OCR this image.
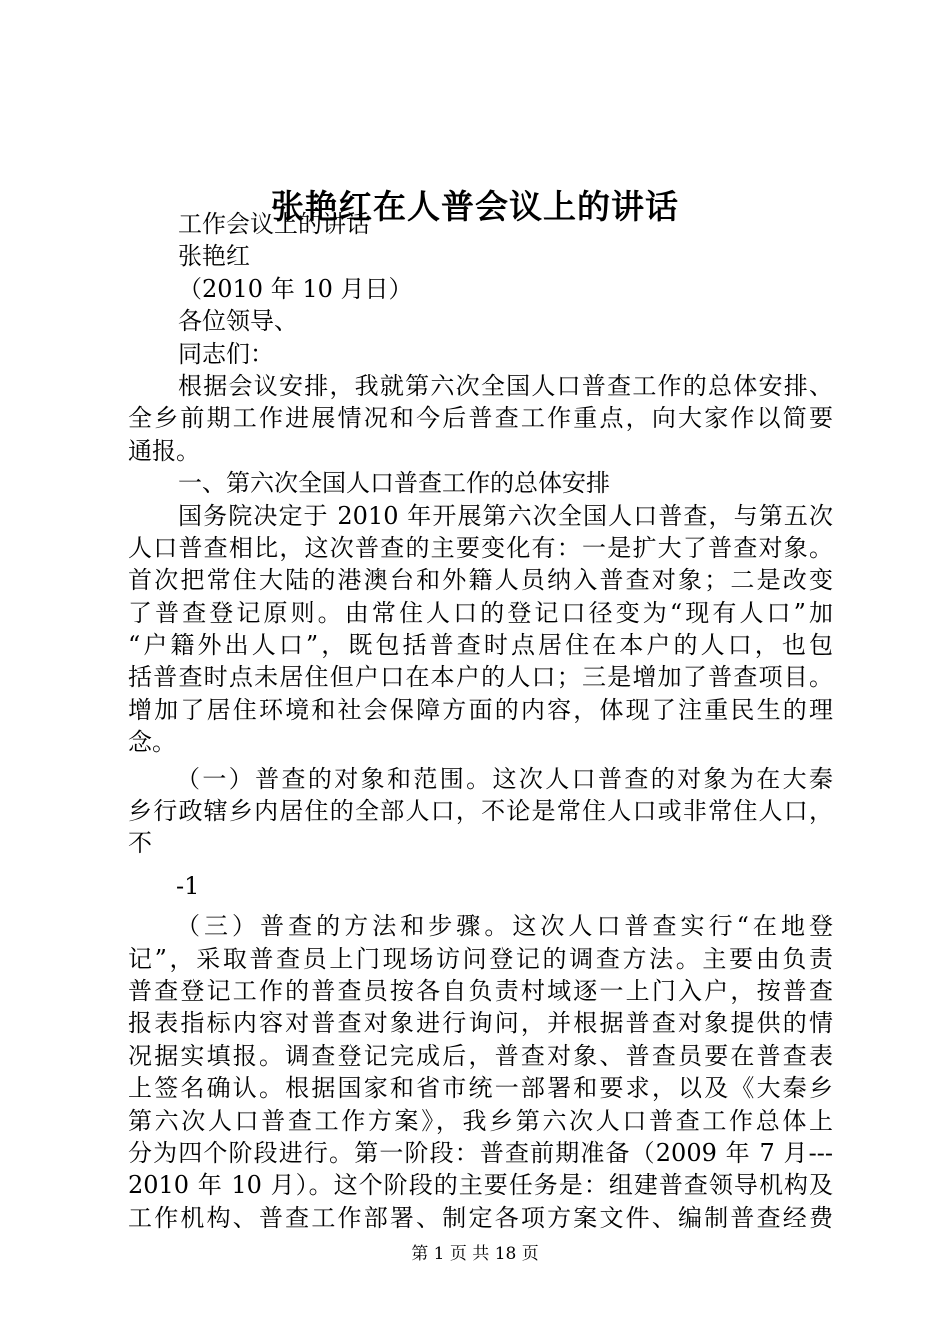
张艳红在人普会议上的讲话
工作会议上的讲话
张艳红
（2010 年 10 月日）
各位领导、
同志们：
根据会议安排，我就第六次全国人口普查工作的总体安排、
全乡前期工作进展情况和今后普查工作重点，向大家作以简要
通报。
一、第六次全国人口普查工作的总体安排
国务院决定于 2010 年开展第六次全国人口普查，与第五次
人口普查相比，这次普查的主要变化有：一是扩大了普查对象。
首次把常住大陆的港澳台和外籍人员纳入普查对象；二是改变
了普查登记原则。由常住人口的登记口径变为“现有人口”加
“户籍外出人口”，既包括普查时点居住在本户的人口，也包
括普查时点未居住但户口在本户的人口；三是增加了普查项目。
增加了居住环境和社会保障方面的内容，体现了注重民生的理
念。
（一）普查的对象和范围。这次人口普查的对象为在大秦
乡行政辖乡内居住的全部人口，不论是常住人口或非常住人口，
不
-1
（三）普查的方法和步骤。这次人口普查实行“在地登
记”，采取普查员上门现场访问登记的调查方法。主要由负责
普查登记工作的普查员按各自负责村域逐一上门入户，按普查
报表指标内容对普查对象进行询问，并根据普查对象提供的情
况据实填报。调查登记完成后，普查对象、普查员要在普查表
上签名确认。根据国家和省市统一部署和要求，以及《大秦乡
第六次人口普查工作方案》，我乡第六次人口普查工作总体上
分为四个阶段进行。第一阶段：普查前期准备（2009 年 7 月---
2010 年 10 月）。这个阶段的主要任务是：组建普查领导机构及
工作机构、普查工作部署、制定各项方案文件、编制普查经费
第 1 页 共 18 页
